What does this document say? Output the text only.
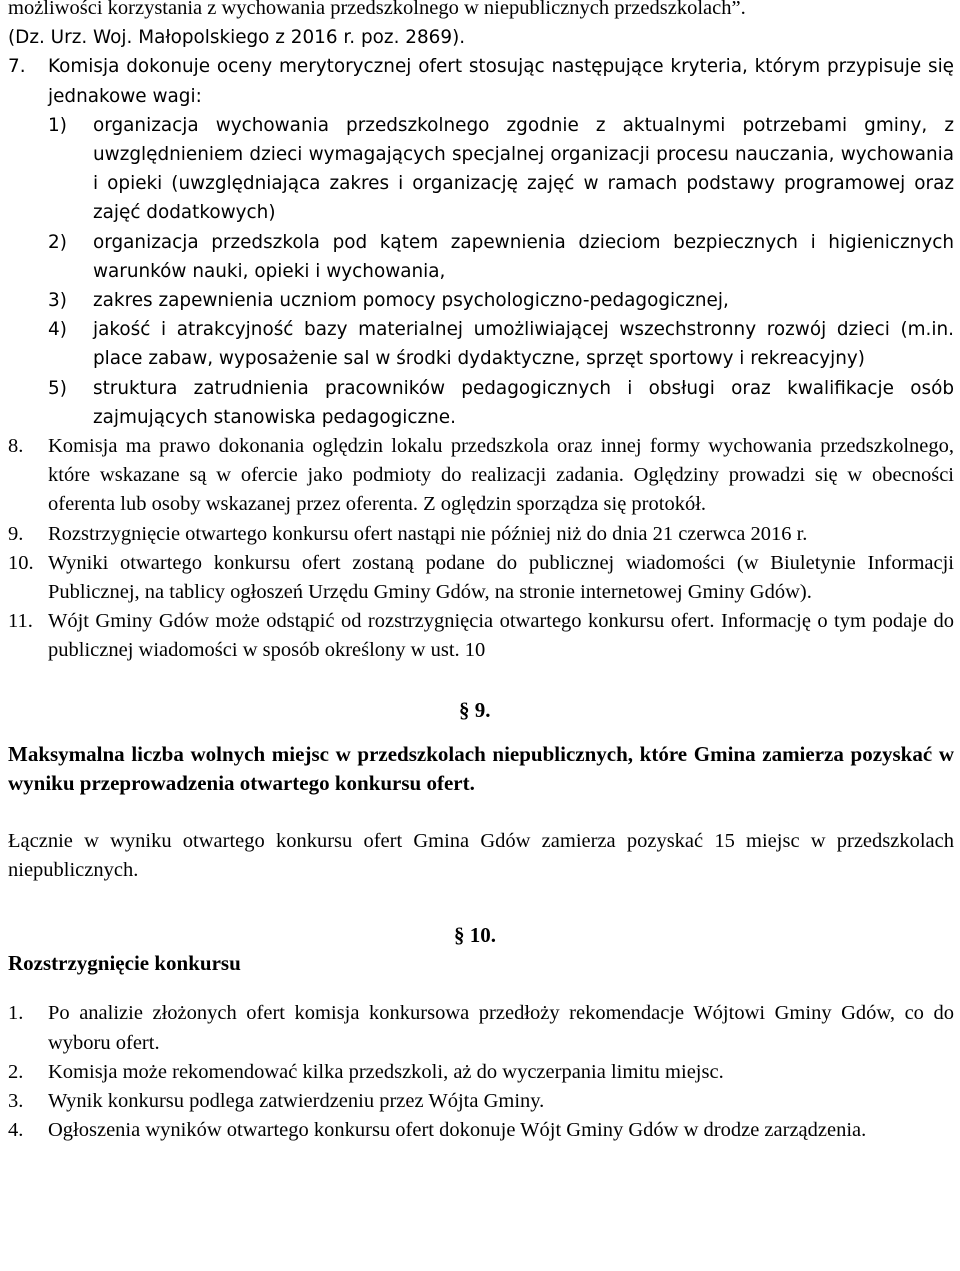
możliwości korzystania z wychowania przedszkolnego w niepublicznych przedszkolach”.
(Dz. Urz. Woj. Małopolskiego z 2016 r. poz. 2869).
7. Komisja dokonuje oceny merytorycznej ofert stosując następujące kryteria, którym przypisuje się jednakowe wagi:
1) organizacja wychowania przedszkolnego zgodnie z aktualnymi potrzebami gminy, z uwzględnieniem dzieci wymagających specjalnej organizacji procesu nauczania, wychowania i opieki (uwzględniająca zakres i organizację zajęć w ramach podstawy programowej oraz zajęć dodatkowych)
2) organizacja przedszkola pod kątem zapewnienia dzieciom bezpiecznych i higienicznych warunków nauki, opieki i wychowania,
3) zakres zapewnienia uczniom pomocy psychologiczno-pedagogicznej,
4) jakość i atrakcyjność bazy materialnej umożliwiającej wszechstronny rozwój dzieci (m.in. place zabaw, wyposażenie sal w środki dydaktyczne, sprzęt sportowy i rekreacyjny)
5) struktura zatrudnienia pracowników pedagogicznych i obsługi oraz kwalifikacje osób zajmujących stanowiska pedagogiczne.
8. Komisja ma prawo dokonania oględzin lokalu przedszkola oraz innej formy wychowania przedszkolnego, które wskazane są w ofercie jako podmioty do realizacji zadania. Oględziny prowadzi się w obecności oferenta lub osoby wskazanej przez oferenta. Z oględzin sporządza się protokół.
9. Rozstrzygnięcie otwartego konkursu ofert nastąpi nie później niż do dnia 21 czerwca 2016 r.
10. Wyniki otwartego konkursu ofert zostaną podane do publicznej wiadomości (w Biuletynie Informacji Publicznej, na tablicy ogłoszeń Urzędu Gminy Gdów, na stronie internetowej Gminy Gdów).
11. Wójt Gminy Gdów może odstąpić od rozstrzygnięcia otwartego konkursu ofert. Informację o tym podaje do publicznej wiadomości w sposób określony w ust. 10
§ 9.
Maksymalna liczba wolnych miejsc w przedszkolach niepublicznych, które Gmina zamierza pozyskać w wyniku przeprowadzenia otwartego konkursu ofert.
Łącznie w wyniku otwartego konkursu ofert Gmina Gdów zamierza pozyskać 15 miejsc w przedszkolach niepublicznych.
§ 10.
Rozstrzygnięcie konkursu
1. Po analizie złożonych ofert komisja konkursowa przedłoży rekomendacje Wójtowi Gminy Gdów, co do wyboru ofert.
2. Komisja może rekomendować kilka przedszkoli, aż do wyczerpania limitu miejsc.
3. Wynik konkursu podlega zatwierdzeniu przez Wójta Gminy.
4. Ogłoszenia wyników otwartego konkursu ofert dokonuje Wójt Gminy Gdów w drodze zarządzenia.
